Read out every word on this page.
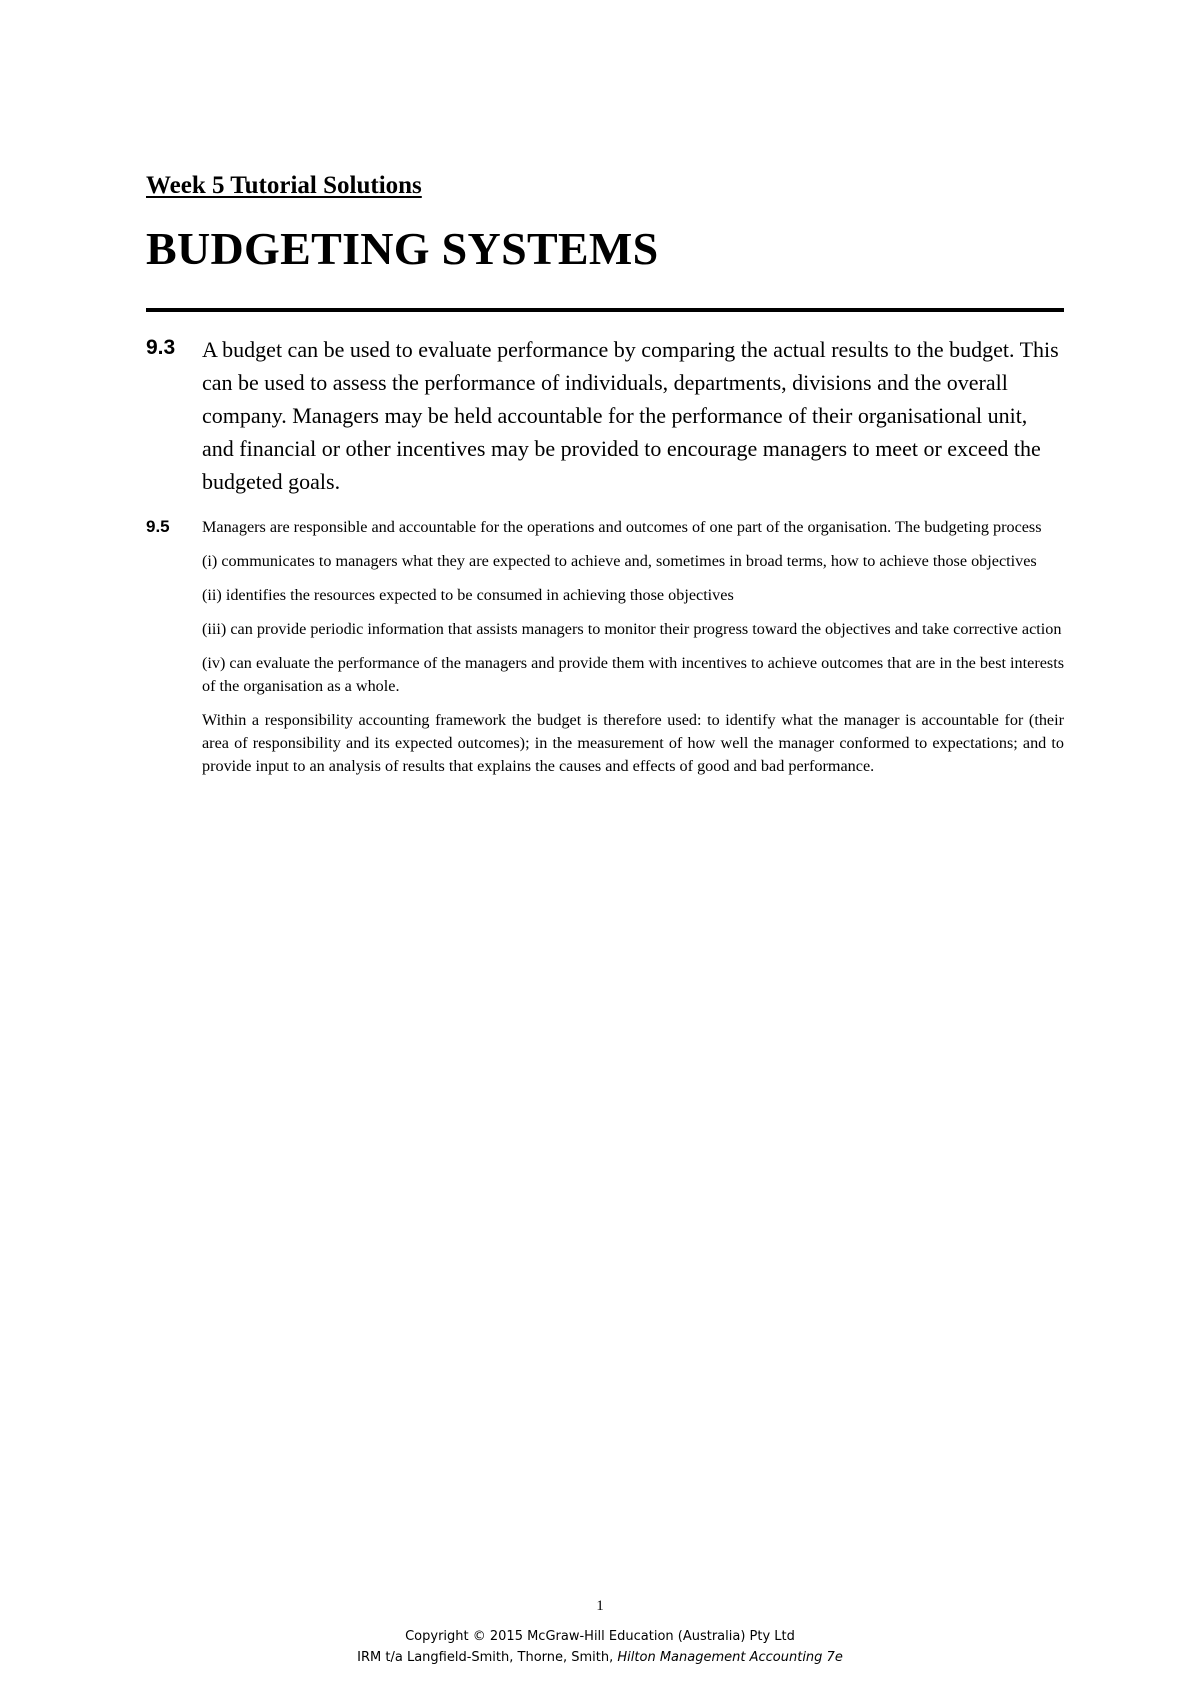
Week 5 Tutorial Solutions
BUDGETING SYSTEMS
9.3 A budget can be used to evaluate performance by comparing the actual results to the budget. This can be used to assess the performance of individuals, departments, divisions and the overall company. Managers may be held accountable for the performance of their organisational unit, and financial or other incentives may be provided to encourage managers to meet or exceed the budgeted goals.

9.5 Managers are responsible and accountable for the operations and outcomes of one part of the organisation. The budgeting process

(i) communicates to managers what they are expected to achieve and, sometimes in broad terms, how to achieve those objectives

(ii) identifies the resources expected to be consumed in achieving those objectives

(iii) can provide periodic information that assists managers to monitor their progress toward the objectives and take corrective action

(iv) can evaluate the performance of the managers and provide them with incentives to achieve outcomes that are in the best interests of the organisation as a whole.

Within a responsibility accounting framework the budget is therefore used: to identify what the manager is accountable for (their area of responsibility and its expected outcomes); in the measurement of how well the manager conformed to expectations; and to provide input to an analysis of results that explains the causes and effects of good and bad performance.

1
Copyright © 2015 McGraw-Hill Education (Australia) Pty Ltd
IRM t/a Langfield-Smith, Thorne, Smith, Hilton Management Accounting 7e
